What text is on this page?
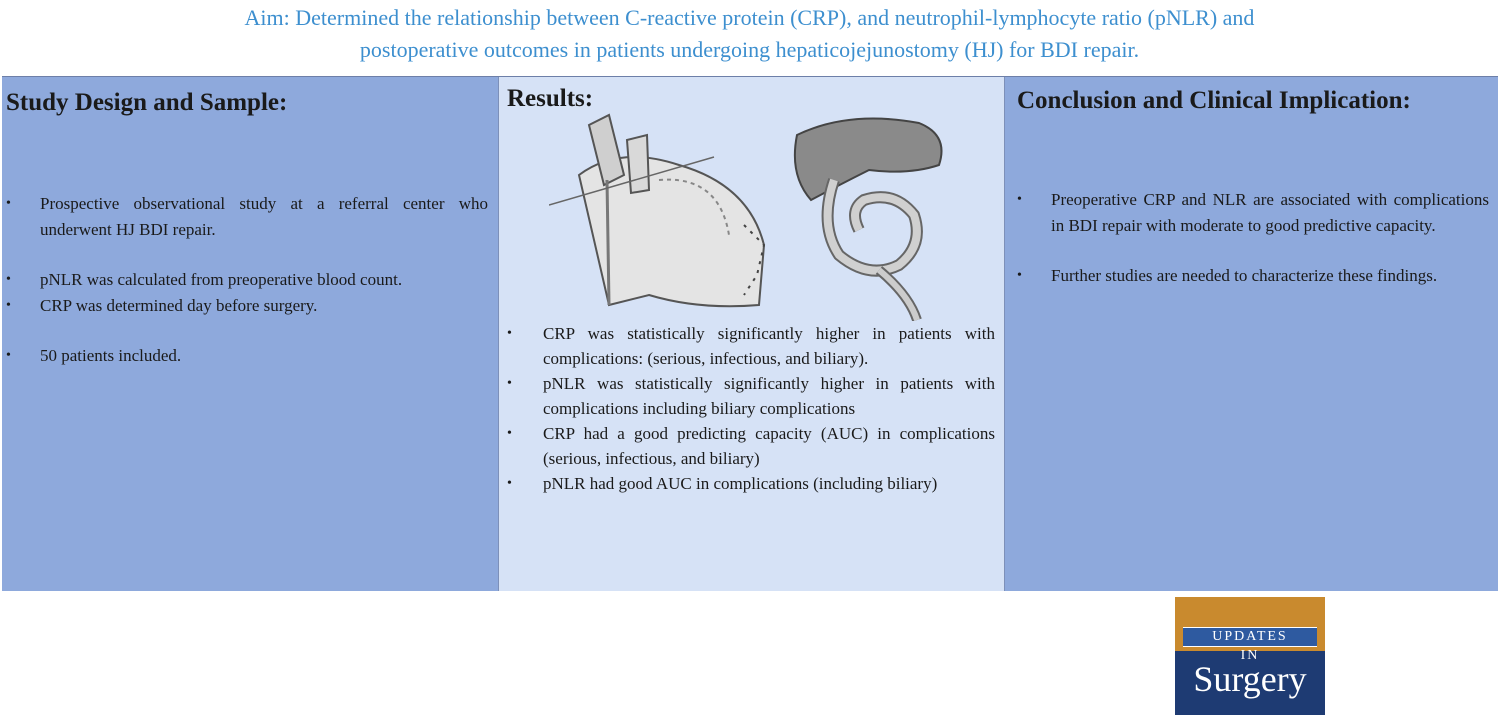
Aim: Determined the relationship between C-reactive protein (CRP), and neutrophil-lymphocyte ratio (pNLR) and
postoperative outcomes in patients undergoing hepaticojejunostomy (HJ) for BDI repair.
Study Design and Sample:
• Prospective observational study at a referral center who underwent HJ BDI repair.
• pNLR was calculated from preoperative blood count.
• CRP was determined day before surgery.
• 50 patients included.
Results:
• CRP was statistically significantly higher in patients with complications: (serious, infectious, and biliary).
• pNLR was statistically significantly higher in patients with complications including biliary complications
• CRP had a good predicting capacity (AUC) in complications (serious, infectious, and biliary)
• pNLR had good AUC in complications (including biliary)
Conclusion and Clinical Implication:
• Preoperative CRP and NLR are associated with complications in BDI repair with moderate to good predictive capacity.
• Further studies are needed to characterize these findings.
UPDATES
IN
Surgery
